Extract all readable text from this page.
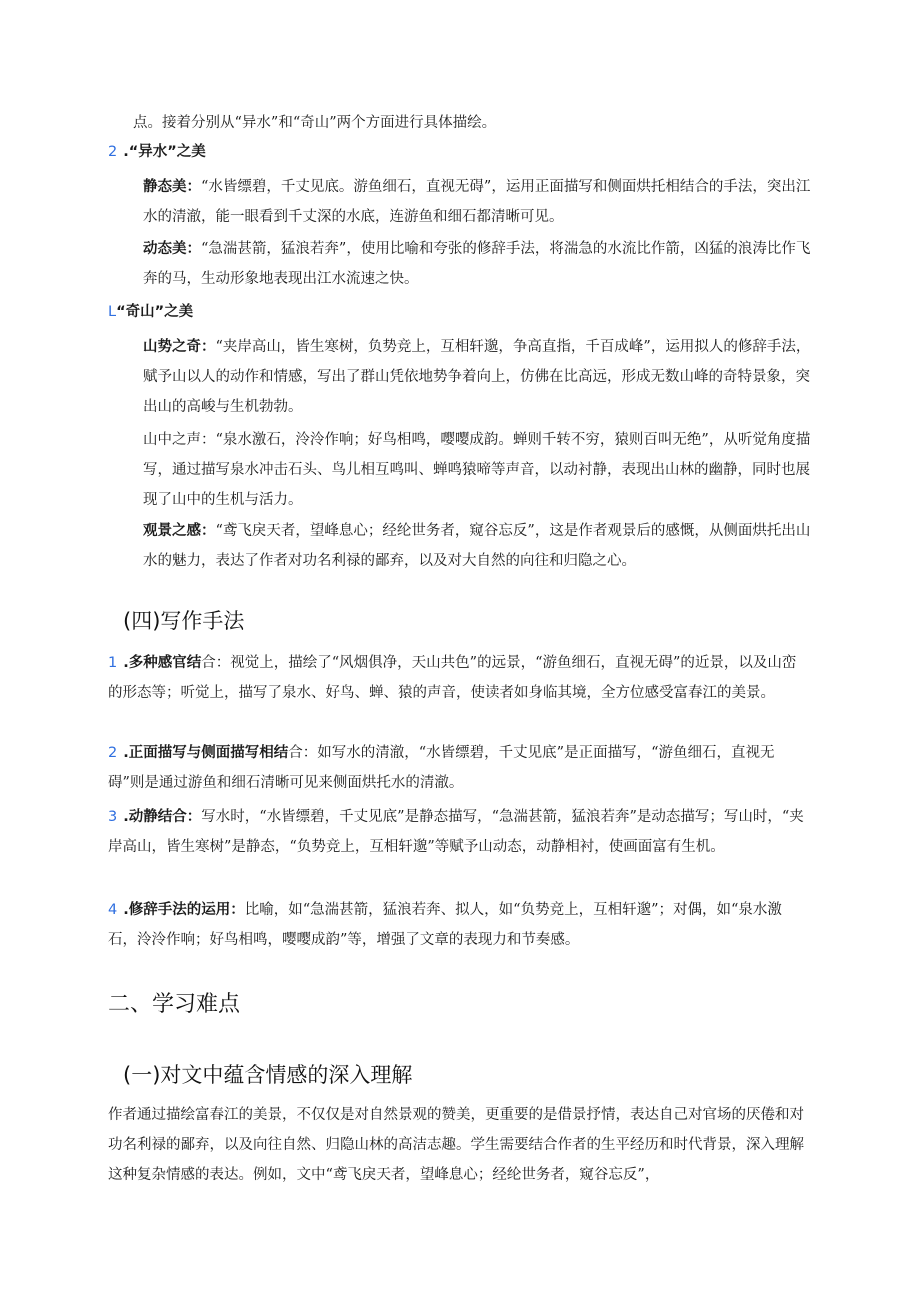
点。接着分别从“异水”和“奇山”两个方面进行具体描绘。
2 .“异水”之美
静态美：“水皆缥碧，千丈见底。游鱼细石，直视无碍”，运用正面描写和侧面烘托相结合的手法，突出江水的清澈，能一眼看到千丈深的水底，连游鱼和细石都清晰可见。
动态美：“急湍甚箭，猛浪若奔”，使用比喻和夸张的修辞手法，将湍急的水流比作箭，凶猛的浪涛比作飞奔的马，生动形象地表现出江水流速之快。
L“奇山”之美
山势之奇：“夹岸高山，皆生寒树，负势竞上，互相轩邈，争高直指，千百成峰”，运用拟人的修辞手法，赋予山以人的动作和情感，写出了群山凭依地势争着向上，仿佛在比高远，形成无数山峰的奇特景象，突出山的高峻与生机勃勃。
山中之声：“泉水激石，泠泠作响；好鸟相鸣，嘤嘤成韵。蝉则千转不穷，猿则百叫无绝”，从听觉角度描写，通过描写泉水冲击石头、鸟儿相互鸣叫、蝉鸣猿啼等声音，以动衬静，表现出山林的幽静，同时也展现了山中的生机与活力。
观景之感：“鸢飞戾天者，望峰息心；经纶世务者，窥谷忘反”，这是作者观景后的感慨，从侧面烘托出山水的魅力，表达了作者对功名利禄的鄙弃，以及对大自然的向往和归隐之心。
(四)写作手法
1 .多种感官结合：视觉上，描绘了“风烟俱净，天山共色”的远景，“游鱼细石，直视无碍”的近景，以及山峦的形态等；听觉上，描写了泉水、好鸟、蝉、猿的声音，使读者如身临其境，全方位感受富春江的美景。
2 .正面描写与侧面描写相结合：如写水的清澈，“水皆缥碧，千丈见底”是正面描写，“游鱼细石，直视无碍”则是通过游鱼和细石清晰可见来侧面烘托水的清澈。
3 .动静结合：写水时，“水皆缥碧，千丈见底”是静态描写，“急湍甚箭，猛浪若奔”是动态描写；写山时，“夹岸高山，皆生寒树”是静态，“负势竞上，互相轩邈”等赋予山动态，动静相衬，使画面富有生机。
4 .修辞手法的运用：比喻，如“急湍甚箭，猛浪若奔、拟人，如“负势竞上，互相轩邈”；对偶，如“泉水激石，泠泠作响；好鸟相鸣，嘤嘤成韵”等，增强了文章的表现力和节奏感。
二、学习难点
(一)对文中蕴含情感的深入理解
作者通过描绘富春江的美景，不仅仅是对自然景观的赞美，更重要的是借景抒情，表达自己对官场的厌倦和对功名利禄的鄙弃，以及向往自然、归隐山林的高洁志趣。学生需要结合作者的生平经历和时代背景，深入理解这种复杂情感的表达。例如，文中“鸢飞戾天者，望峰息心；经纶世务者，窥谷忘反”，
